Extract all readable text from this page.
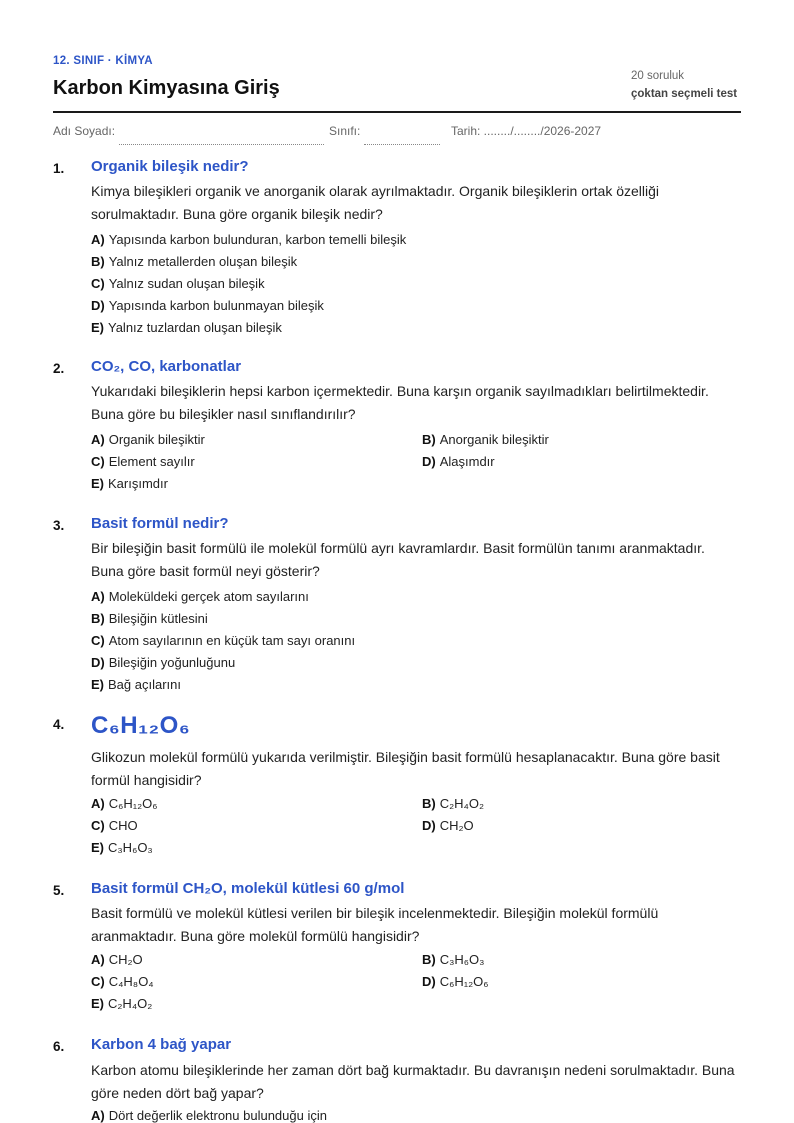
12. SINIF · KİMYA
Karbon Kimyasına Giriş
20 soruluk
çoktan seçmeli test
Adı Soyadı:	Sınıfı:	Tarih: ......../......../2026-2027
1. Organik bileşik nedir?
Kimya bileşikleri organik ve anorganik olarak ayrılmaktadır. Organik bileşiklerin ortak özelliği sorulmaktadır. Buna göre organik bileşik nedir?
A) Yapısında karbon bulunduran, karbon temelli bileşik
B) Yalnız metallerden oluşan bileşik
C) Yalnız sudan oluşan bileşik
D) Yapısında karbon bulunmayan bileşik
E) Yalnız tuzlardan oluşan bileşik
2. CO₂, CO, karbonatlar
Yukarıdaki bileşiklerin hepsi karbon içermektedir. Buna karşın organik sayılmadıkları belirtilmektedir. Buna göre bu bileşikler nasıl sınıflandırılır?
A) Organik bileşiktir	B) Anorganik bileşiktir
C) Element sayılır	D) Alaşımdır
E) Karışımdır
3. Basit formül nedir?
Bir bileşiğin basit formülü ile molekül formülü ayrı kavramlardır. Basit formülün tanımı aranmaktadır. Buna göre basit formül neyi gösterir?
A) Moleküldeki gerçek atom sayılarını
B) Bileşiğin kütlesini
C) Atom sayılarının en küçük tam sayı oranını
D) Bileşiğin yoğunluğunu
E) Bağ açılarını
4. C₆H₁₂O₆
Glikozun molekül formülü yukarıda verilmiştir. Bileşiğin basit formülü hesaplanacaktır. Buna göre basit formül hangisidir?
A) C₆H₁₂O₆	B) C₂H₄O₂
C) CHO	D) CH₂O
E) C₃H₆O₃
5. Basit formül CH₂O, molekül kütlesi 60 g/mol
Basit formülü ve molekül kütlesi verilen bir bileşik incelenmektedir. Bileşiğin molekül formülü aranmaktadır. Buna göre molekül formülü hangisidir?
A) CH₂O	B) C₃H₆O₃
C) C₄H₈O₄	D) C₆H₁₂O₆
E) C₂H₄O₂
6. Karbon 4 bağ yapar
Karbon atomu bileşiklerinde her zaman dört bağ kurmaktadır. Bu davranışın nedeni sorulmaktadır. Buna göre neden dört bağ yapar?
A) Dört değerlik elektronu bulunduğu için
